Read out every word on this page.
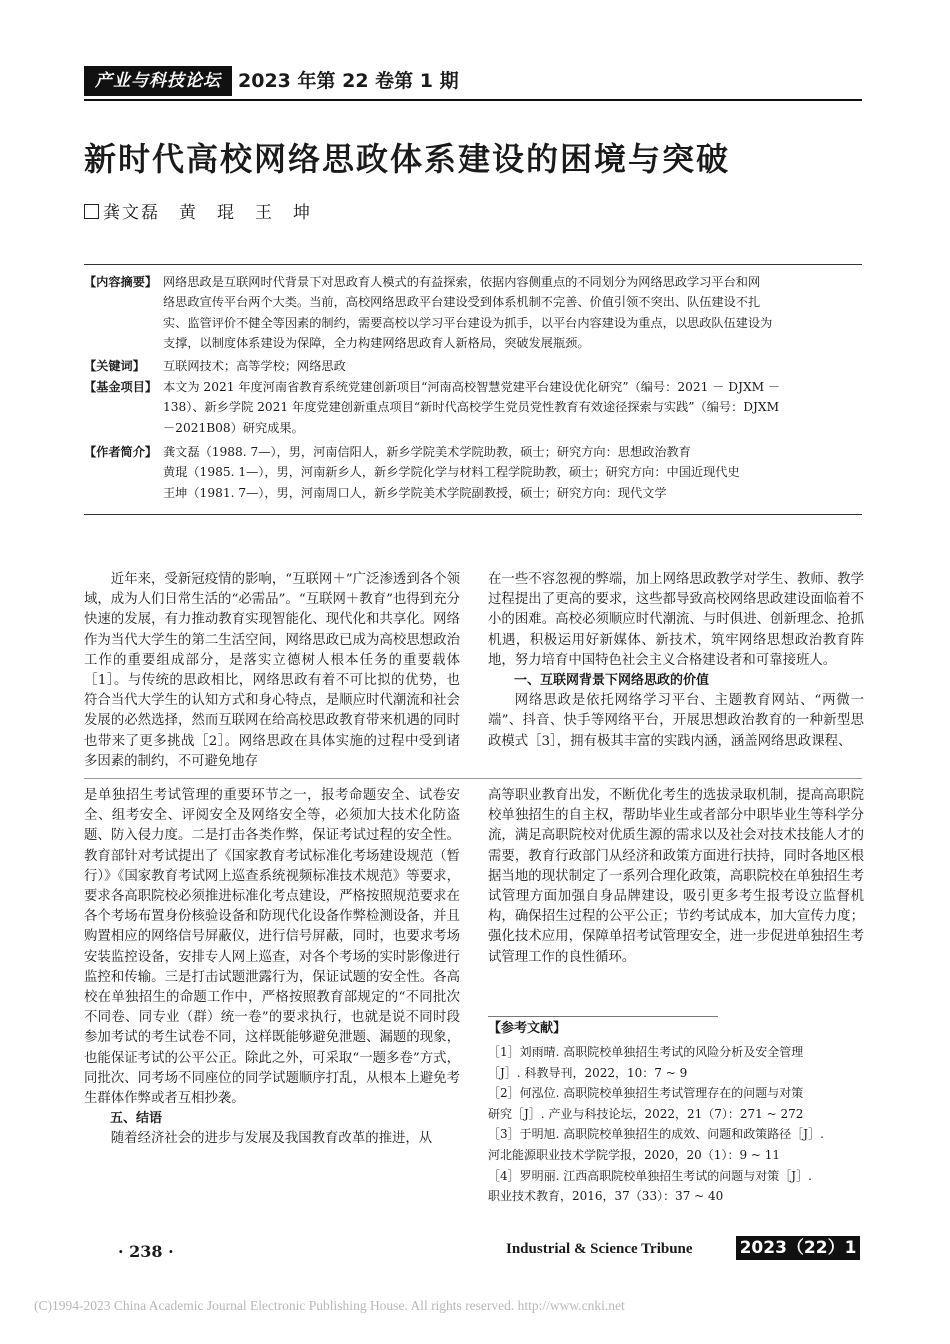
产业与科技论坛 2023 年第 22 卷第 1 期
新时代高校网络思政体系建设的困境与突破
龚文磊　黄　琨　王　坤
【内容摘要】 网络思政是互联网时代背景下对思政育人模式的有益探索，依据内容侧重点的不同划分为网络思政学习平台和网
络思政宣传平台两个大类。当前，高校网络思政平台建设受到体系机制不完善、价值引领不突出、队伍建设不扎
实、监管评价不健全等因素的制约，需要高校以学习平台建设为抓手，以平台内容建设为重点，以思政队伍建设为
支撑，以制度体系建设为保障，全力构建网络思政育人新格局，突破发展瓶颈。
【关键词】 互联网技术；高等学校；网络思政
【基金项目】 本文为 2021 年度河南省教育系统党建创新项目“河南高校智慧党建平台建设优化研究”（编号：2021 － DJXM －
138）、新乡学院 2021 年度党建创新重点项目“新时代高校学生党员党性教育有效途径探索与实践”（编号：DJXM
－2021B08）研究成果。
【作者简介】 龚文磊（1988. 7—），男，河南信阳人，新乡学院美术学院助教，硕士；研究方向：思想政治教育
黄琨（1985. 1—），男，河南新乡人，新乡学院化学与材料工程学院助教，硕士；研究方向：中国近现代史
王坤（1981. 7—），男，河南周口人，新乡学院美术学院副教授，硕士；研究方向：现代文学

近年来，受新冠疫情的影响，“互联网＋”广泛渗透到各个领域，成为人们日常生活的“必需品”。“互联网＋教育”也得到充分快速的发展，有力推动教育实现智能化、现代化和共享化。网络作为当代大学生的第二生活空间，网络思政已成为高校思想政治工作的重要组成部分，是落实立德树人根本任务的重要载体［1］。与传统的思政相比，网络思政有着不可比拟的优势，也符合当代大学生的认知方式和身心特点，是顺应时代潮流和社会发展的必然选择，然而互联网在给高校思政教育带来机遇的同时也带来了更多挑战［2］。网络思政在具体实施的过程中受到诸多因素的制约，不可避免地存

在一些不容忽视的弊端，加上网络思政教学对学生、教师、教学过程提出了更高的要求，这些都导致高校网络思政建设面临着不小的困难。高校必须顺应时代潮流、与时俱进、创新理念、抢抓机遇，积极运用好新媒体、新技术，筑牢网络思想政治教育阵地，努力培育中国特色社会主义合格建设者和可靠接班人。

一、互联网背景下网络思政的价值

网络思政是依托网络学习平台、主题教育网站、“两微一端”、抖音、快手等网络平台，开展思想政治教育的一种新型思政模式［3］，拥有极其丰富的实践内涵，涵盖网络思政课程、

是单独招生考试管理的重要环节之一，报考命题安全、试卷安全、组考安全、评阅安全及网络安全等，必须加大技术化防盗题、防入侵力度。二是打击各类作弊，保证考试过程的安全性。教育部针对考试提出了《国家教育考试标准化考场建设规范（暂行）》《国家教育考试网上巡查系统视频标准技术规范》等要求，要求各高职院校必须推进标准化考点建设，严格按照规范要求在各个考场布置身份核验设备和防现代化设备作弊检测设备，并且购置相应的网络信号屏蔽仪，进行信号屏蔽，同时，也要求考场安装监控设备，安排专人网上巡查，对各个考场的实时影像进行监控和传输。三是打击试题泄露行为，保证试题的安全性。各高校在单独招生的命题工作中，严格按照教育部规定的“不同批次不同卷、同专业（群）统一卷”的要求执行，也就是说不同时段参加考试的考生试卷不同，这样既能够避免泄题、漏题的现象，也能保证考试的公平公正。除此之外，可采取“一题多卷”方式，同批次、同考场不同座位的同学试题顺序打乱，从根本上避免考生群体作弊或者互相抄袭。

五、结语

随着经济社会的进步与发展及我国教育改革的推进，从

高等职业教育出发，不断优化考生的选拔录取机制，提高高职院校单独招生的自主权，帮助毕业生或者部分中职毕业生等科学分流，满足高职院校对优质生源的需求以及社会对技术技能人才的需要，教育行政部门从经济和政策方面进行扶持，同时各地区根据当地的现状制定了一系列合理化政策，高职院校在单独招生考试管理方面加强自身品牌建设，吸引更多考生报考设立监督机构，确保招生过程的公平公正；节约考试成本，加大宣传力度；强化技术应用，保障单招考试管理安全，进一步促进单独招生考试管理工作的良性循环。

【参考文献】
［1］刘雨晴. 高职院校单独招生考试的风险分析及安全管理
［J］. 科教导刊，2022，10：7 ~ 9
［2］何泓位. 高职院校单独招生考试管理存在的问题与对策
研究［J］. 产业与科技论坛，2022，21（7）：271 ~ 272
［3］于明旭. 高职院校单独招生的成效、问题和政策路径［J］.
河北能源职业技术学院学报，2020，20（1）：9 ~ 11
［4］罗明丽. 江西高职院校单独招生考试的问题与对策［J］.
职业技术教育，2016，37（33）：37 ~ 40
· 238 ·	Industrial & Science Tribune	2023（22）1
(C)1994-2023 China Academic Journal Electronic Publishing House. All rights reserved. http://www.cnki.net
